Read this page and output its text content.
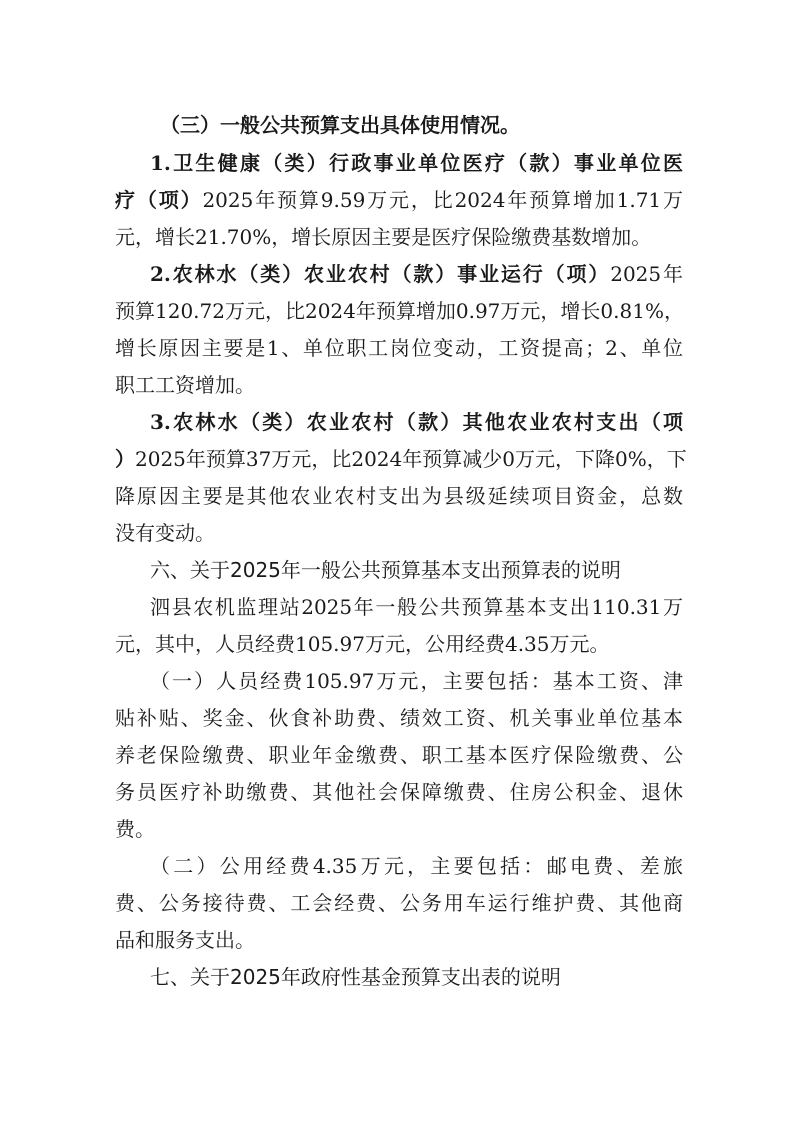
（三）一般公共预算支出具体使用情况。
1.卫生健康（类）行政事业单位医疗（款）事业单位医
疗（项）2025年预算9.59万元，比2024年预算增加1.71万
元，增长21.70%，增长原因主要是医疗保险缴费基数增加。
2.农林水（类）农业农村（款）事业运行（项）2025年
预算120.72万元，比2024年预算增加0.97万元，增长0.81%，
增长原因主要是1、单位职工岗位变动，工资提高；2、单位
职工工资增加。
3.农林水（类）农业农村（款）其他农业农村支出（项
）2025年预算37万元，比2024年预算减少0万元，下降0%，下
降原因主要是其他农业农村支出为县级延续项目资金，总数
没有变动。
六、关于2025年一般公共预算基本支出预算表的说明
泗县农机监理站2025年一般公共预算基本支出110.31万
元，其中，人员经费105.97万元，公用经费4.35万元。
（一）人员经费105.97万元，主要包括：基本工资、津
贴补贴、奖金、伙食补助费、绩效工资、机关事业单位基本
养老保险缴费、职业年金缴费、职工基本医疗保险缴费、公
务员医疗补助缴费、其他社会保障缴费、住房公积金、退休
费。
（二）公用经费4.35万元，主要包括：邮电费、差旅
费、公务接待费、工会经费、公务用车运行维护费、其他商
品和服务支出。
七、关于2025年政府性基金预算支出表的说明
